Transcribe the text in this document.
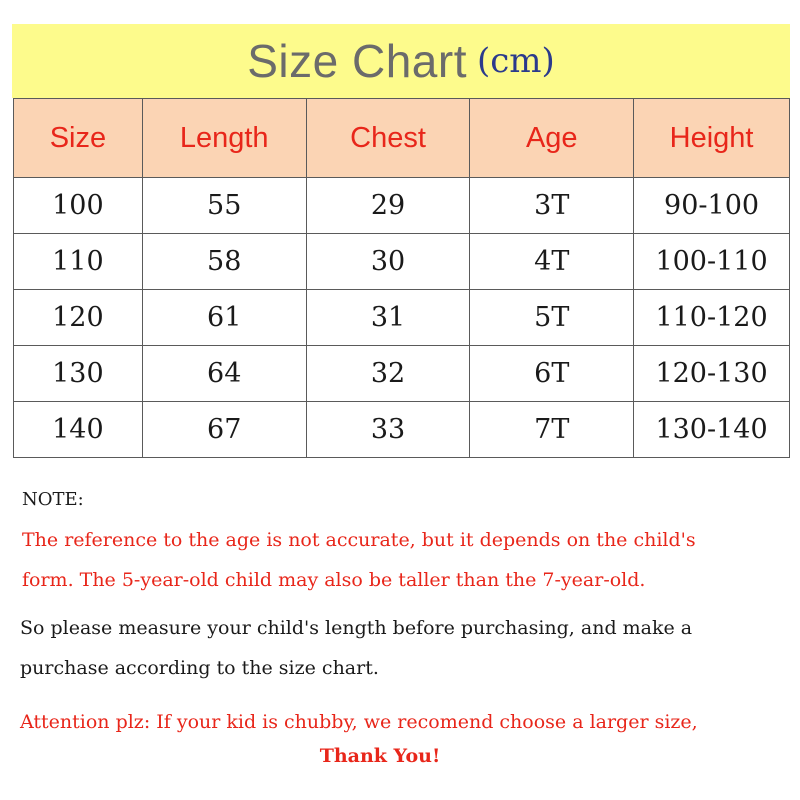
Size Chart (cm)
Size	Length	Chest	Age	Height
100	55	29	3T	90-100
110	58	30	4T	100-110
120	61	31	5T	110-120
130	64	32	6T	120-130
140	67	33	7T	130-140
NOTE:
The reference to the age is not accurate, but it depends on the child's
form. The 5-year-old child may also be taller than the 7-year-old.
So please measure your child's length before purchasing, and make a
purchase according to the size chart.
Attention plz: If your kid is chubby, we recomend choose a larger size,
Thank You!
